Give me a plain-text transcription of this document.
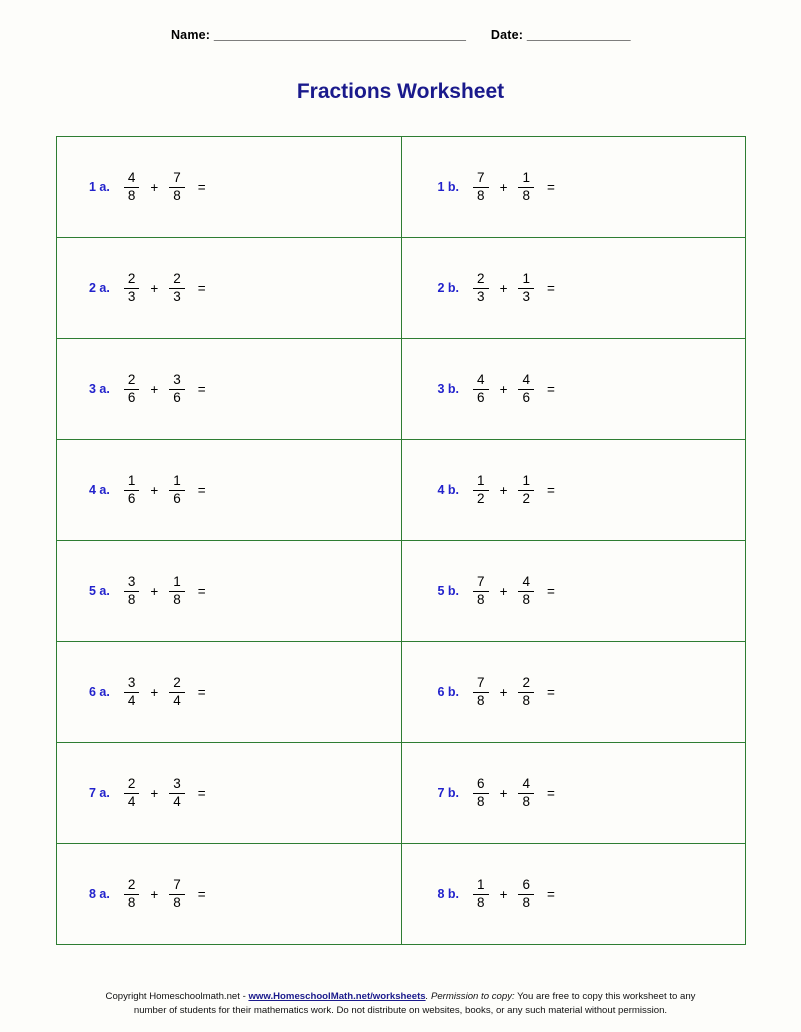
Name: _______________________________________ Date: ________________
Fractions Worksheet
1 a. $\frac{4}{8} + \frac{7}{8}$ =	1 b. $\frac{7}{8} + \frac{1}{8}$ =

2 a. $\frac{2}{3} + \frac{2}{3}$ =	2 b. $\frac{2}{3} + \frac{1}{3}$ =

3 a. $\frac{2}{6} + \frac{3}{6}$ =	3 b. $\frac{4}{6} + \frac{4}{6}$ =

4 a. $\frac{1}{6} + \frac{1}{6}$ =	4 b. $\frac{1}{2} + \frac{1}{2}$ =

5 a. $\frac{3}{8} + \frac{1}{8}$ =	5 b. $\frac{7}{8} + \frac{4}{8}$ =

6 a. $\frac{3}{4} + \frac{2}{4}$ =	6 b. $\frac{7}{8} + \frac{2}{8}$ =

7 a. $\frac{2}{4} + \frac{3}{4}$ =	7 b. $\frac{6}{8} + \frac{4}{8}$ =

8 a. $\frac{2}{8} + \frac{7}{8}$ =	8 b. $\frac{1}{8} + \frac{6}{8}$ =
Copyright Homeschoolmath.net - www.HomeschoolMath.net/worksheets. Permission to copy: You are free to copy this worksheet to any
number of students for their mathematics work. Do not distribute on websites, books, or any such material without permission.
